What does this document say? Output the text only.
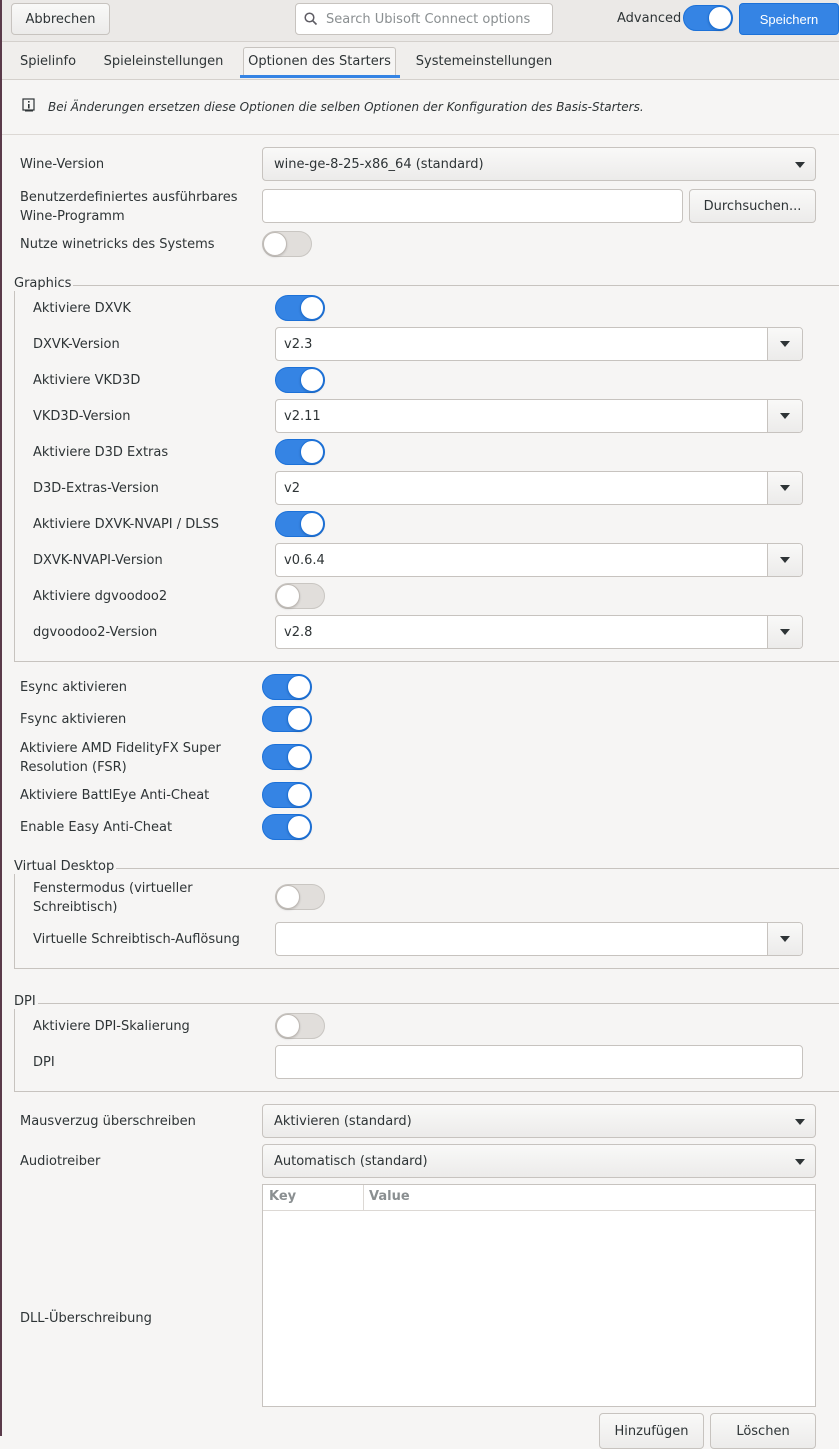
Abbrechen	Search Ubisoft Connect options	Advanced	Speichern
Spielinfo	Spieleinstellungen	Optionen des Starters	Systemeinstellungen
Bei Änderungen ersetzen diese Optionen die selben Optionen der Konfiguration des Basis-Starters.
Wine-Version	wine-ge-8-25-x86_64 (standard)
Benutzerdefiniertes ausführbares
Wine-Programm
Durchsuchen...
Nutze winetricks des Systems
Graphics
Aktiviere DXVK
DXVK-Version	v2.3
Aktiviere VKD3D
VKD3D-Version	v2.11
Aktiviere D3D Extras
D3D-Extras-Version	v2
Aktiviere DXVK-NVAPI / DLSS
DXVK-NVAPI-Version	v0.6.4
Aktiviere dgvoodoo2
dgvoodoo2-Version	v2.8
Esync aktivieren
Fsync aktivieren
Aktiviere AMD FidelityFX Super
Resolution (FSR)
Aktiviere BattlEye Anti-Cheat
Enable Easy Anti-Cheat
Virtual Desktop
Fenstermodus (virtueller
Schreibtisch)
Virtuelle Schreibtisch-Auflösung
DPI
Aktiviere DPI-Skalierung
DPI
Mausverzug überschreiben	Aktivieren (standard)
Audiotreiber	Automatisch (standard)
DLL-Überschreibung
Key	Value
Hinzufügen	Löschen
